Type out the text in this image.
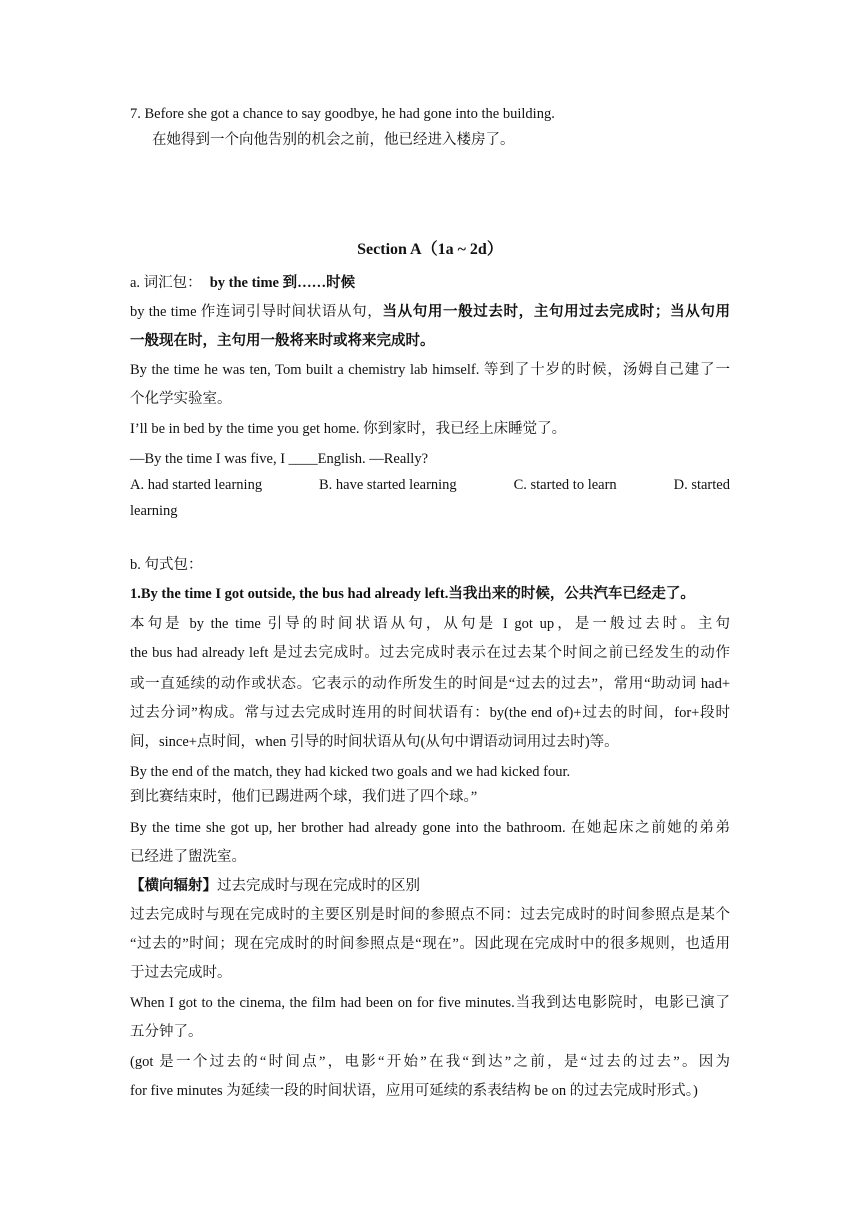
7. Before she got a chance to say goodbye, he had gone into the building.
在她得到一个向他告别的机会之前，他已经进入楼房了。
Section A（1a ~ 2d）
a. 词汇包： by the time 到……时候
by the time 作连词引导时间状语从句，当从句用一般过去时，主句用过去完成时；当从句用
一般现在时，主句用一般将来时或将来完成时。
By the time he was ten, Tom built a chemistry lab himself. 等到了十岁的时候，汤姆自己建了一
个化学实验室。
I’ll be in bed by the time you get home. 你到家时，我已经上床睡觉了。
—By the time I was five, I ____English. —Really?
A. had started learning	B. have started learning	C. started to learn	D. started
learning
b. 句式包：
1.By the time I got outside, the bus had already left.当我出来的时候，公共汽车已经走了。
本句是 by the time 引导的时间状语从句，从句是 I got up，是一般过去时。主句
the bus had already left 是过去完成时。过去完成时表示在过去某个时间之前已经发生的动作
或一直延续的动作或状态。它表示的动作所发生的时间是“过去的过去”，常用“助动词 had+
过去分词”构成。常与过去完成时连用的时间状语有：by(the end of)+过去的时间，for+段时
间，since+点时间，when 引导的时间状语从句(从句中谓语动词用过去时)等。
By the end of the match, they had kicked two goals and we had kicked four.
到比赛结束时，他们已踢进两个球，我们进了四个球。”
By the time she got up, her brother had already gone into the bathroom. 在她起床之前她的弟弟
已经进了盥洗室。
【横向辐射】过去完成时与现在完成时的区别
过去完成时与现在完成时的主要区别是时间的参照点不同：过去完成时的时间参照点是某个
“过去的”时间；现在完成时的时间参照点是“现在”。因此现在完成时中的很多规则，也适用
于过去完成时。
When I got to the cinema, the film had been on for five minutes.当我到达电影院时，电影已演了
五分钟了。
(got 是一个过去的“时间点”，电影“开始”在我“到达”之前，是“过去的过去”。因为
for five minutes 为延续一段的时间状语，应用可延续的系表结构 be on 的过去完成时形式。)
